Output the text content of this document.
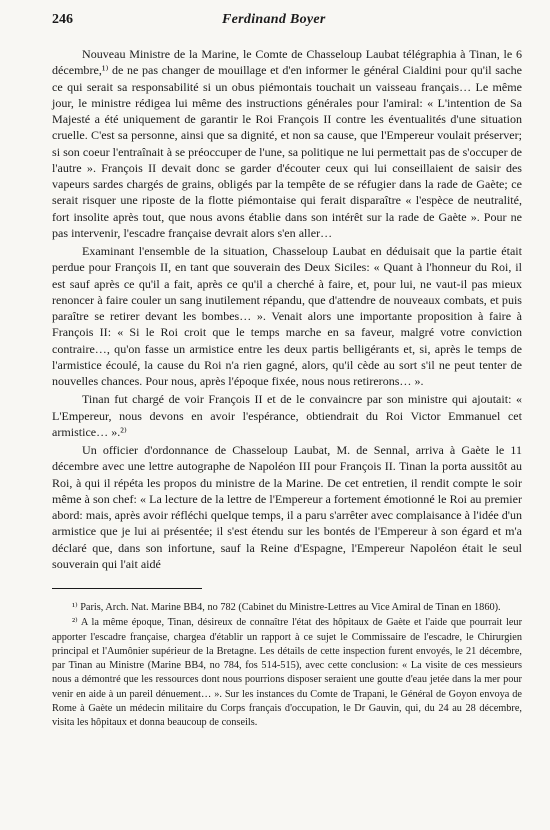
246	Ferdinand Boyer

Nouveau Ministre de la Marine, le Comte de Chasseloup Laubat télégraphia à Tinan, le 6 décembre,¹⁾ de ne pas changer de mouillage et d'en informer le général Cialdini pour qu'il sache ce qui serait sa responsabilité si un obus piémontais touchait un vaisseau français… Le même jour, le ministre rédigea lui même des instructions générales pour l'amiral: « L'intention de Sa Majesté a été uniquement de garantir le Roi François II contre les éventualités d'une situation cruelle. C'est sa personne, ainsi que sa dignité, et non sa cause, que l'Empereur voulait préserver; si son coeur l'entraînait à se préoccuper de l'une, sa politique ne lui permettait pas de s'occuper de l'autre ». François II devait donc se garder d'écouter ceux qui lui conseillaient de saisir des vapeurs sardes chargés de grains, obligés par la tempête de se réfugier dans la rade de Gaète; ce serait risquer une riposte de la flotte piémontaise qui ferait disparaître « l'espèce de neutralité, fort insolite après tout, que nous avons établie dans son intérêt sur la rade de Gaète ». Pour ne pas intervenir, l'escadre française devrait alors s'en aller…

Examinant l'ensemble de la situation, Chasseloup Laubat en déduisait que la partie était perdue pour François II, en tant que souverain des Deux Siciles: « Quant à l'honneur du Roi, il est sauf après ce qu'il a fait, après ce qu'il a cherché à faire, et, pour lui, ne vaut-il pas mieux renoncer à faire couler un sang inutilement répandu, que d'attendre de nouveaux combats, et puis paraître se retirer devant les bombes… ». Venait alors une importante proposition à faire à François II: « Si le Roi croit que le temps marche en sa faveur, malgré votre conviction contraire…, qu'on fasse un armistice entre les deux partis belligérants et, si, après le temps de l'armistice écoulé, la cause du Roi n'a rien gagné, alors, qu'il cède au sort s'il ne peut tenter de nouvelles chances. Pour nous, après l'époque fixée, nous nous retirerons… ».

Tinan fut chargé de voir François II et de le convaincre par son ministre qui ajoutait: « L'Empereur, nous devons en avoir l'espérance, obtiendrait du Roi Victor Emmanuel cet armistice… ».²⁾

Un officier d'ordonnance de Chasseloup Laubat, M. de Sennal, arriva à Gaète le 11 décembre avec une lettre autographe de Napoléon III pour François II. Tinan la porta aussitôt au Roi, à qui il répéta les propos du ministre de la Marine. De cet entretien, il rendit compte le soir même à son chef: « La lecture de la lettre de l'Empereur a fortement émotionné le Roi au premier abord: mais, après avoir réfléchi quelque temps, il a paru s'arrêter avec complaisance à l'idée d'un armistice que je lui ai présentée; il s'est étendu sur les bontés de l'Empereur à son égard et m'a déclaré que, dans son infortune, sauf la Reine d'Espagne, l'Empereur Napoléon était le seul souverain qui l'ait aidé

¹⁾ Paris, Arch. Nat. Marine BB4, no 782 (Cabinet du Ministre-Lettres au Vice Amiral de Tinan en 1860).

²⁾ A la même époque, Tinan, désireux de connaître l'état des hôpitaux de Gaète et l'aide que pourrait leur apporter l'escadre française, chargea d'établir un rapport à ce sujet le Commissaire de l'escadre, le Chirurgien principal et l'Aumônier supérieur de la Bretagne. Les détails de cette inspection furent envoyés, le 21 décembre, par Tinan au Ministre (Marine BB4, no 784, fos 514-515), avec cette conclusion: « La visite de ces messieurs nous a démontré que les ressources dont nous pourrions disposer seraient une goutte d'eau jetée dans la mer pour venir en aide à un pareil dénuement… ». Sur les instances du Comte de Trapani, le Général de Goyon envoya de Rome à Gaète un médecin militaire du Corps français d'occupation, le Dr Gauvin, qui, du 24 au 28 décembre, visita les hôpitaux et donna beaucoup de conseils.
